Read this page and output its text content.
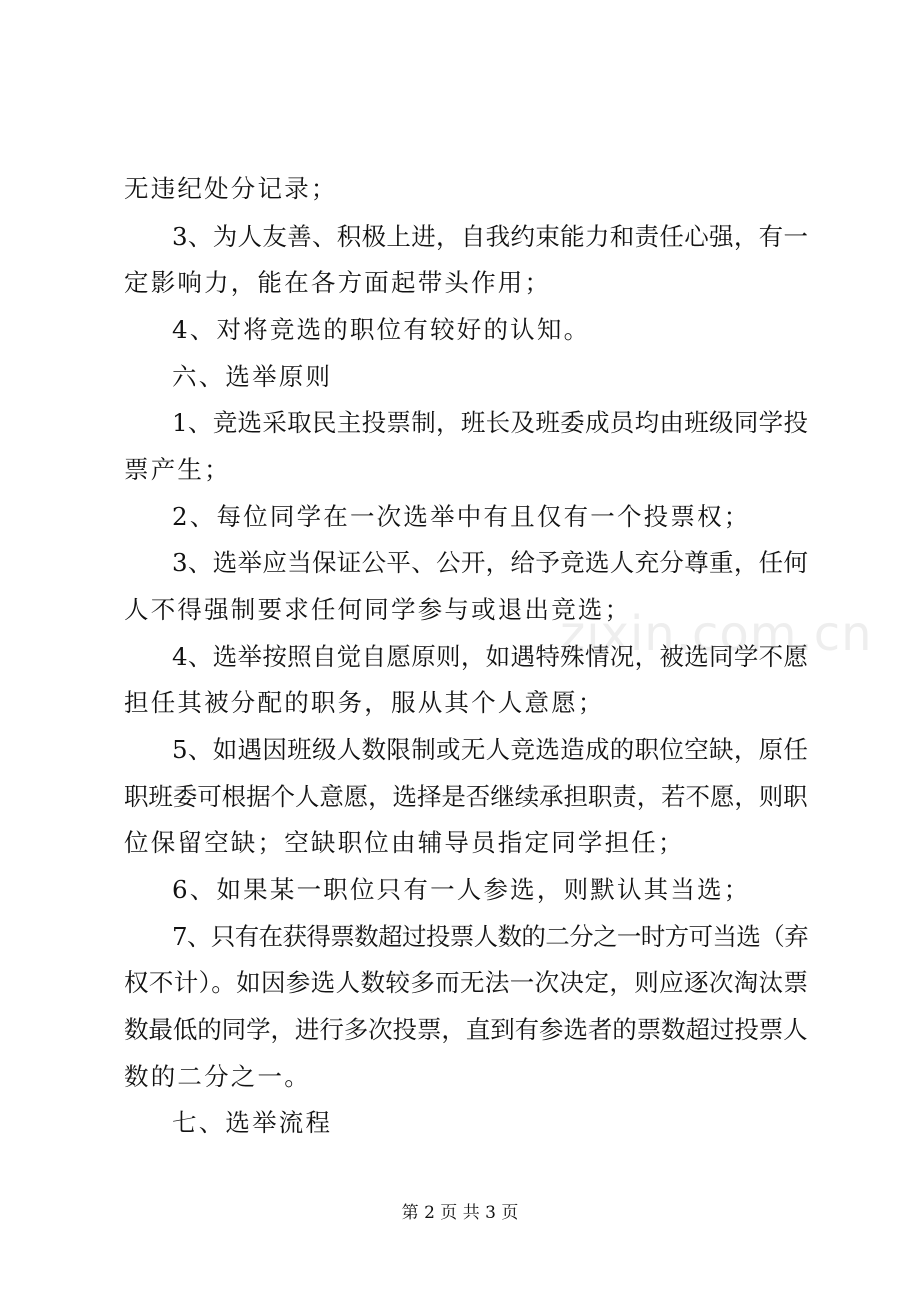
无违纪处分记录；
3、为人友善、积极上进，自我约束能力和责任心强，有一
定影响力，能在各方面起带头作用；
4、对将竞选的职位有较好的认知。
六、选举原则
1、竞选采取民主投票制，班长及班委成员均由班级同学投
票产生；
2、每位同学在一次选举中有且仅有一个投票权；
3、选举应当保证公平、公开，给予竞选人充分尊重，任何
人不得强制要求任何同学参与或退出竞选；
4、选举按照自觉自愿原则，如遇特殊情况，被选同学不愿
担任其被分配的职务，服从其个人意愿；
5、如遇因班级人数限制或无人竞选造成的职位空缺，原任
职班委可根据个人意愿，选择是否继续承担职责，若不愿，则职
位保留空缺；空缺职位由辅导员指定同学担任；
6、如果某一职位只有一人参选，则默认其当选；
7、只有在获得票数超过投票人数的二分之一时方可当选（弃
权不计）。如因参选人数较多而无法一次决定，则应逐次淘汰票
数最低的同学，进行多次投票，直到有参选者的票数超过投票人
数的二分之一。
七、选举流程
zixin.com.cn
第 2 页 共 3 页
